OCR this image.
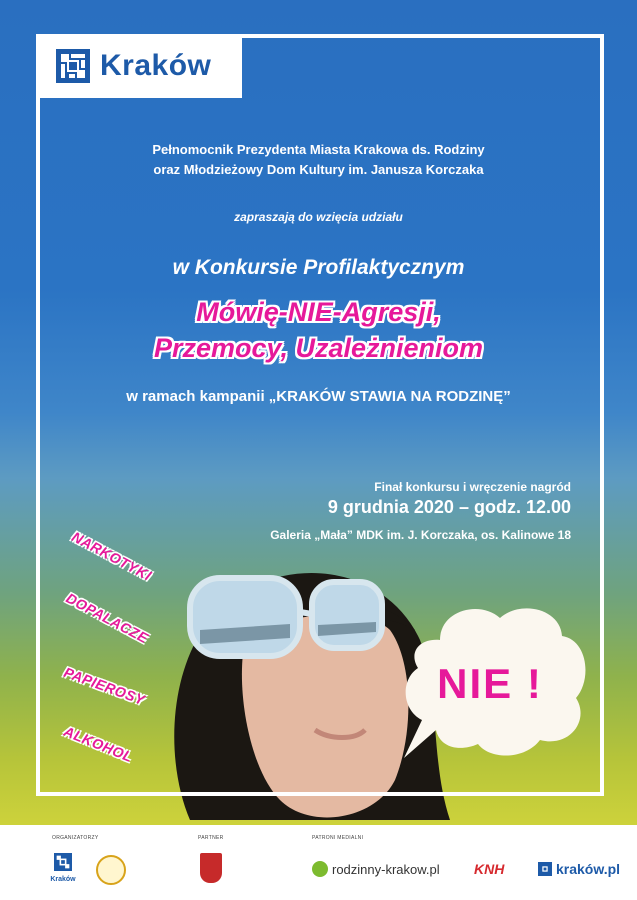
Kraków
Pełnomocnik Prezydenta Miasta Krakowa ds. Rodziny
oraz Młodzieżowy Dom Kultury im. Janusza Korczaka
zapraszają do wzięcia udziału
w Konkursie Profilaktycznym
Mówię-NIE-Agresji,
Przemocy, Uzależnieniom
w ramach kampanii „KRAKÓW STAWIA NA RODZINĘ”
Finał konkursu i wręczenie nagród
9 grudnia 2020 – godz. 12.00
Galeria „Mała” MDK im. J. Korczaka, os. Kalinowe 18
NARKOTYKI
DOPALACZE
PAPIEROSY
ALKOHOL
NIE !
ORGANIZATORZY	PARTNER	PATRONI MEDIALNI
Kraków
rodzinny-krakow.pl KNH	kraków.pl
